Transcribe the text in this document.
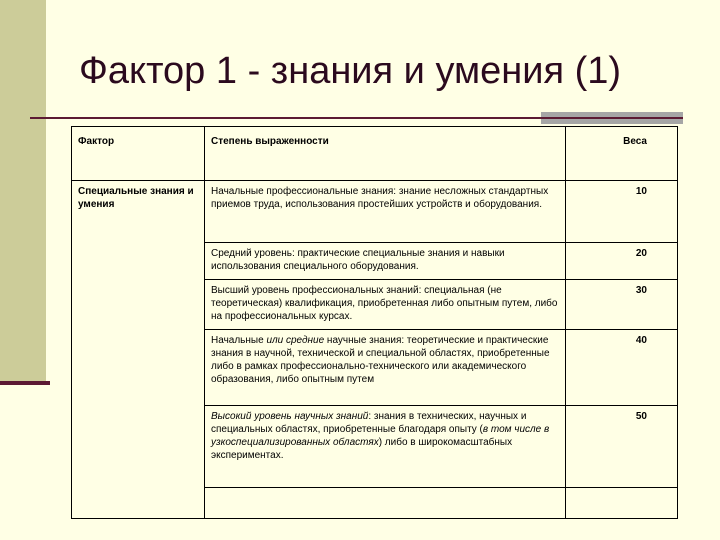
Фактор 1 - знания и умения (1)
Фактор	Степень выраженности	Веса
Специальные знания и умения	Начальные профессиональные знания: знание несложных стандартных приемов труда, использования простейших устройств и оборудования.	10
	Средний уровень: практические специальные знания и навыки использования специального оборудования.	20
	Высший уровень профессиональных знаний: специальная (не теоретическая) квалификация, приобретенная либо опытным путем, либо на профессиональных курсах.	30
	Начальные или средние научные знания: теоретические и практические знания в научной, технической и специальной областях, приобретенные либо в рамках профессионально-технического или академического образования, либо опытным путем	40
	Высокий уровень научных знаний: знания в технических, научных и специальных областях, приобретенные благодаря опыту (в том числе в узкоспециализированных областях) либо в широкомасштабных экспериментах.	50
